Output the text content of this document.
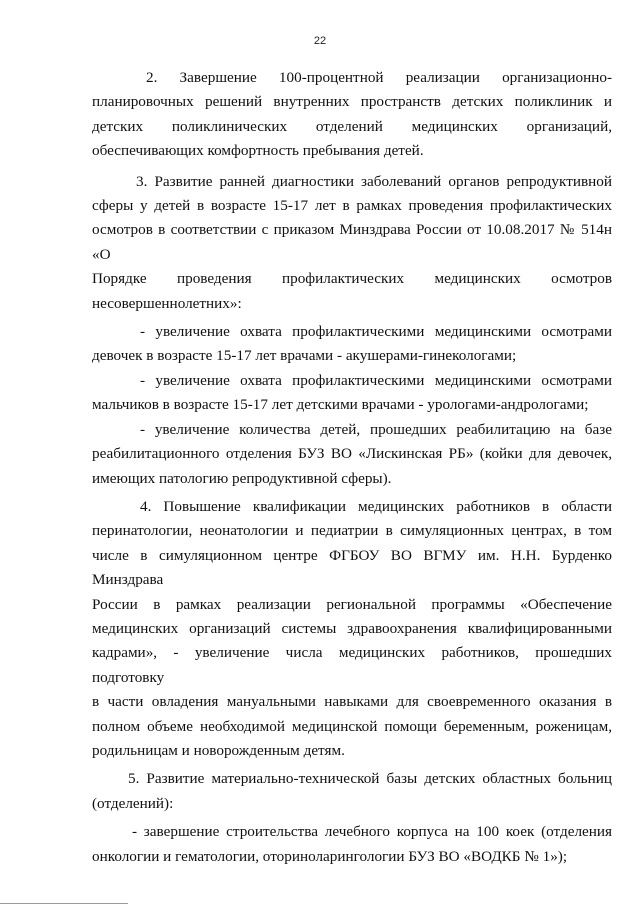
22
2. Завершение 100-процентной реализации организационно-
планировочных решений внутренних пространств детских поликлиник и
детских поликлинических отделений медицинских организаций,
обеспечивающих комфортность пребывания детей.
3. Развитие ранней диагностики заболеваний органов репродуктивной
сферы у детей в возрасте 15-17 лет в рамках проведения профилактических
осмотров в соответствии с приказом Минздрава России от 10.08.2017 № 514н «О
Порядке проведения профилактических медицинских осмотров
несовершеннолетних»:
- увеличение охвата профилактическими медицинскими осмотрами
девочек в возрасте 15-17 лет врачами - акушерами-гинекологами;
- увеличение охвата профилактическими медицинскими осмотрами
мальчиков в возрасте 15-17 лет детскими врачами - урологами-андрологами;
- увеличение количества детей, прошедших реабилитацию на базе
реабилитационного отделения БУЗ ВО «Лискинская РБ» (койки для девочек,
имеющих патологию репродуктивной сферы).
4. Повышение квалификации медицинских работников в области
перинатологии, неонатологии и педиатрии в симуляционных центрах, в том
числе в симуляционном центре ФГБОУ ВО ВГМУ им. Н.Н. Бурденко Минздрава
России в рамках реализации региональной программы «Обеспечение
медицинских организаций системы здравоохранения квалифицированными
кадрами», - увеличение числа медицинских работников, прошедших подготовку
в части овладения мануальными навыками для своевременного оказания в
полном объеме необходимой медицинской помощи беременным, роженицам,
родильницам и новорожденным детям.
5. Развитие материально-технической базы детских областных больниц
(отделений):
- завершение строительства лечебного корпуса на 100 коек (отделения
онкологии и гематологии, оториноларингологии БУЗ ВО «ВОДКБ № 1»);
